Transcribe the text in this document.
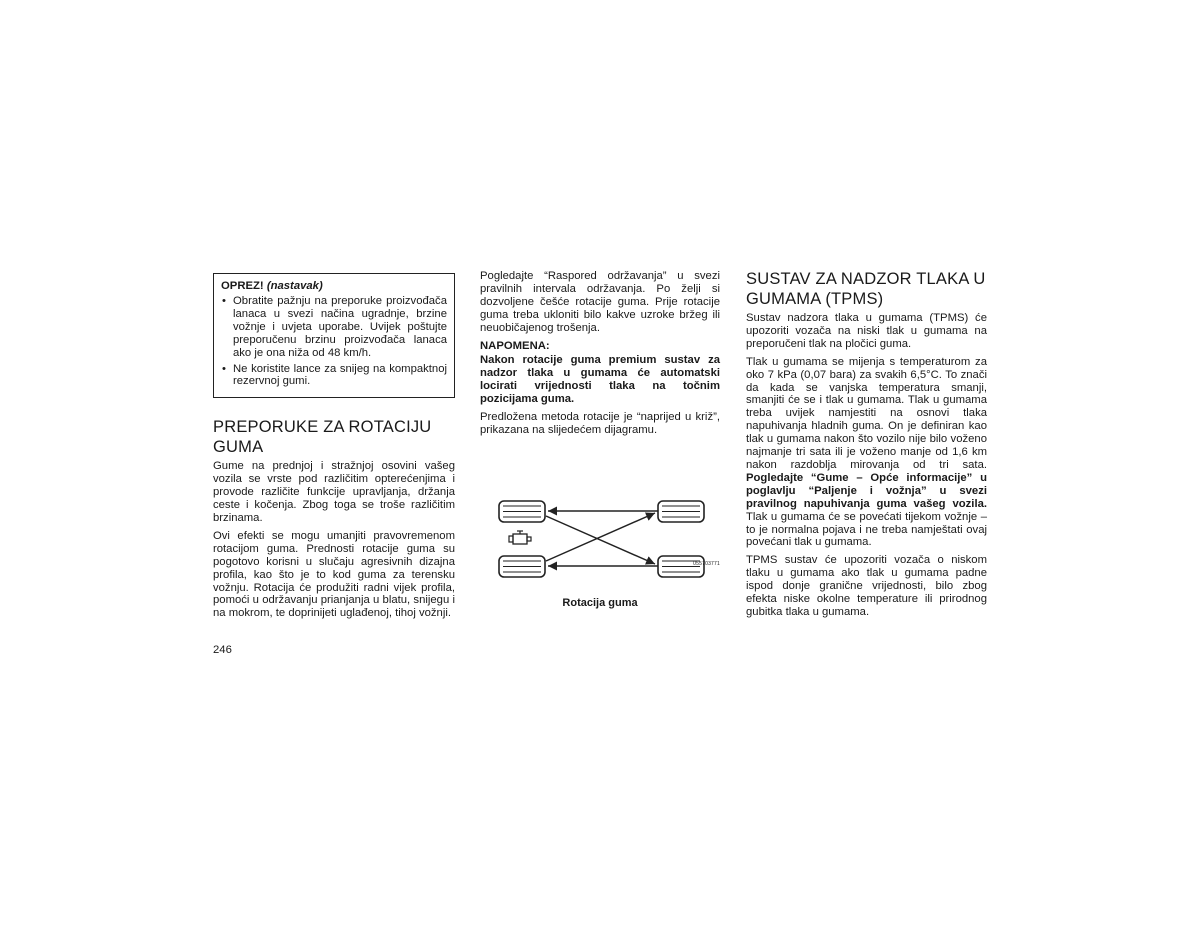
OPREZ! (nastavak)
• Obratite pažnju na preporuke proizvođača lanaca u svezi načina ugradnje, brzine vožnje i uvjeta uporabe. Uvijek poštujte preporučenu brzinu proizvođača lanaca ako je ona niža od 48 km/h.
• Ne koristite lance za snijeg na kompaktnoj rezervnoj gumi.
PREPORUKE ZA ROTACIJU GUMA

Gume na prednjoj i stražnjoj osovini vašeg vozila se vrste pod različitim opterećenjima i provode različite funkcije upravljanja, držanja ceste i kočenja. Zbog toga se troše različitim brzinama.

Ovi efekti se mogu umanjiti pravovremenom rotacijom guma. Prednosti rotacije guma su pogotovo korisni u slučaju agresivnih dizajna profila, kao što je to kod guma za terensku vožnju. Rotacija će produžiti radni vijek profila, pomoći u održavanju prianjanja u blatu, snijegu i na mokrom, te doprinijeti uglađenoj, tihoj vožnji.

Pogledajte “Raspored održavanja” u svezi pravilnih intervala održavanja. Po želji si dozvoljene češće rotacije guma. Prije rotacije guma treba ukloniti bilo kakve uzroke bržeg ili neuobičajenog trošenja.

NAPOMENA:

Nakon rotacije guma premium sustav za nadzor tlaka u gumama će automatski locirati vrijednosti tlaka na točnim pozicijama guma.

Predložena metoda rotacije je “naprijed u križ”, prikazana na slijedećem dijagramu.

055703771
Rotacija guma
SUSTAV ZA NADZOR TLAKA U GUMAMA (TPMS)

Sustav nadzora tlaka u gumama (TPMS) će upozoriti vozača na niski tlak u gumama na preporučeni tlak na pločici guma.

Tlak u gumama se mijenja s temperaturom za oko 7 kPa (0,07 bara) za svakih 6,5°C. To znači da kada se vanjska temperatura smanji, smanjiti će se i tlak u gumama. Tlak u gumama treba uvijek namjestiti na osnovi tlaka napuhivanja hladnih guma. On je definiran kao tlak u gumama nakon što vozilo nije bilo voženo najmanje tri sata ili je voženo manje od 1,6 km nakon razdoblja mirovanja od tri sata. Pogledajte “Gume – Opće informacije” u poglavlju “Paljenje i vožnja” u svezi pravilnog napuhivanja guma vašeg vozila. Tlak u gumama će se povećati tijekom vožnje – to je normalna pojava i ne treba namještati ovaj povećani tlak u gumama.

TPMS sustav će upozoriti vozača o niskom tlaku u gumama ako tlak u gumama padne ispod donje granične vrijednosti, bilo zbog efekta niske okolne temperature ili prirodnog gubitka tlaka u gumama.

246
